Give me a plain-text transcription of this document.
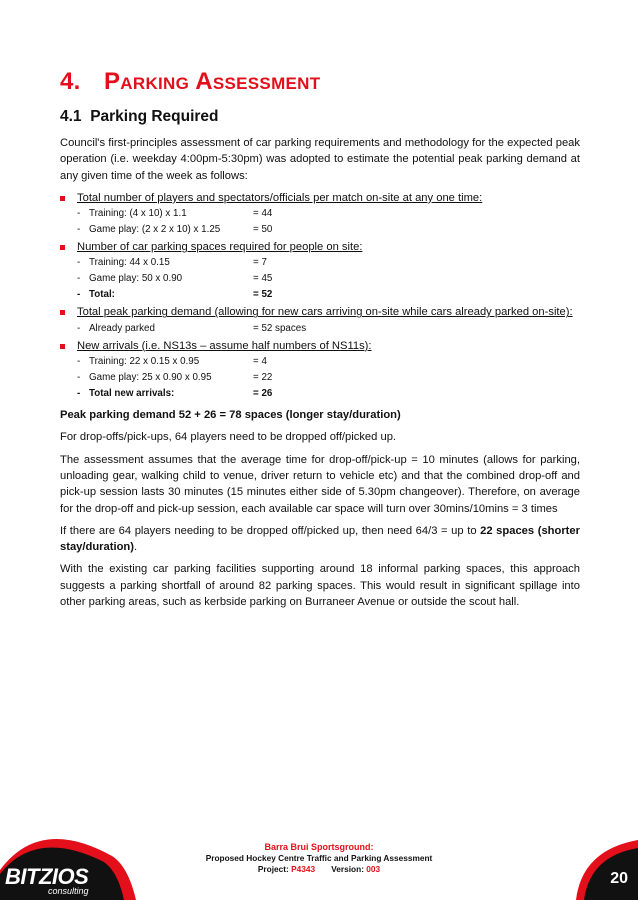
4. Parking Assessment
4.1 Parking Required

Council's first-principles assessment of car parking requirements and methodology for the expected peak operation (i.e. weekday 4:00pm-5:30pm) was adopted to estimate the potential peak parking demand at any given time of the week as follows:

Total number of players and spectators/officials per match on-site at any one time:
- Training: (4 x 10) x 1.1	= 44
- Game play: (2 x 2 x 10) x 1.25	= 50
Number of car parking spaces required for people on site:
- Training: 44 x 0.15	= 7
- Game play: 50 x 0.90	= 45
- Total:	= 52
Total peak parking demand (allowing for new cars arriving on-site while cars already parked on-site):
- Already parked	= 52 spaces
New arrivals (i.e. NS13s – assume half numbers of NS11s):
- Training: 22 x 0.15 x 0.95	= 4
- Game play: 25 x 0.90 x 0.95	= 22
- Total new arrivals:	= 26

Peak parking demand 52 + 26 = 78 spaces (longer stay/duration)

For drop-offs/pick-ups, 64 players need to be dropped off/picked up.

The assessment assumes that the average time for drop-off/pick-up = 10 minutes (allows for parking, unloading gear, walking child to venue, driver return to vehicle etc) and that the combined drop-off and pick-up session lasts 30 minutes (15 minutes either side of 5.30pm changeover). Therefore, on average for the drop-off and pick-up session, each available car space will turn over 30mins/10mins = 3 times

If there are 64 players needing to be dropped off/picked up, then need 64/3 = up to 22 spaces (shorter stay/duration).

With the existing car parking facilities supporting around 18 informal parking spaces, this approach suggests a parking shortfall of around 82 parking spaces. This would result in significant spillage into other parking areas, such as kerbside parking on Burraneer Avenue or outside the scout hall.

BITZIOS
consulting
Barra Brui Sportsground:
Proposed Hockey Centre Traffic and Parking Assessment
Project: P4343 Version: 003
20
